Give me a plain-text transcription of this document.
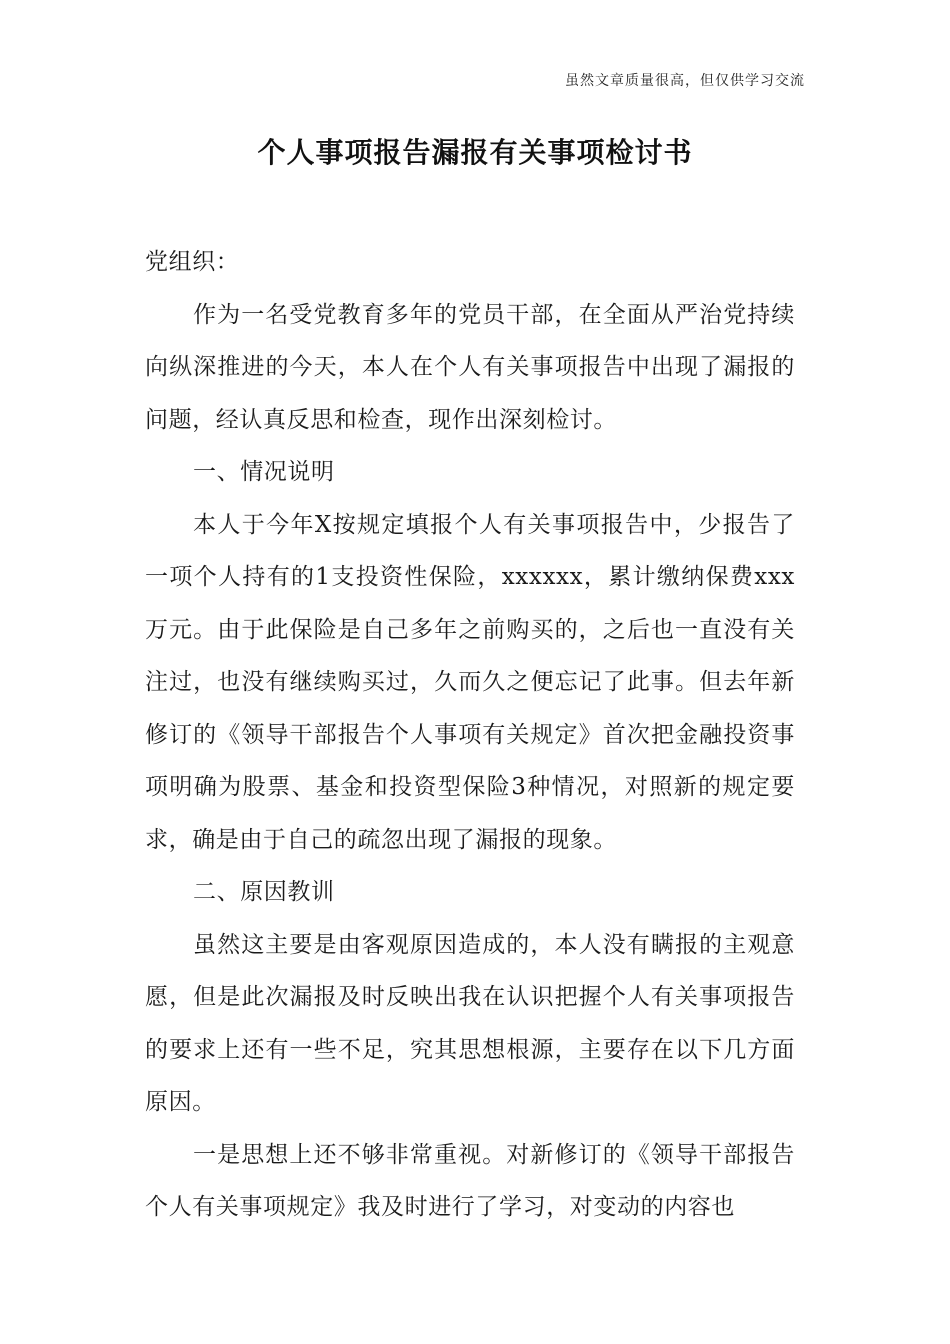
虽然文章质量很高，但仅供学习交流
个人事项报告漏报有关事项检讨书

党组织：

作为一名受党教育多年的党员干部，在全面从严治党持续向纵深推进的今天，本人在个人有关事项报告中出现了漏报的问题，经认真反思和检查，现作出深刻检讨。

一、情况说明

本人于今年X按规定填报个人有关事项报告中，少报告了一项个人持有的1支投资性保险，xxxxxx，累计缴纳保费xxx万元。由于此保险是自己多年之前购买的，之后也一直没有关注过，也没有继续购买过，久而久之便忘记了此事。但去年新修订的《领导干部报告个人事项有关规定》首次把金融投资事项明确为股票、基金和投资型保险3种情况，对照新的规定要求，确是由于自己的疏忽出现了漏报的现象。

二、原因教训

虽然这主要是由客观原因造成的，本人没有瞒报的主观意愿，但是此次漏报及时反映出我在认识把握个人有关事项报告的要求上还有一些不足，究其思想根源，主要存在以下几方面原因。

一是思想上还不够非常重视。对新修订的《领导干部报告个人有关事项规定》我及时进行了学习，对变动的内容也
